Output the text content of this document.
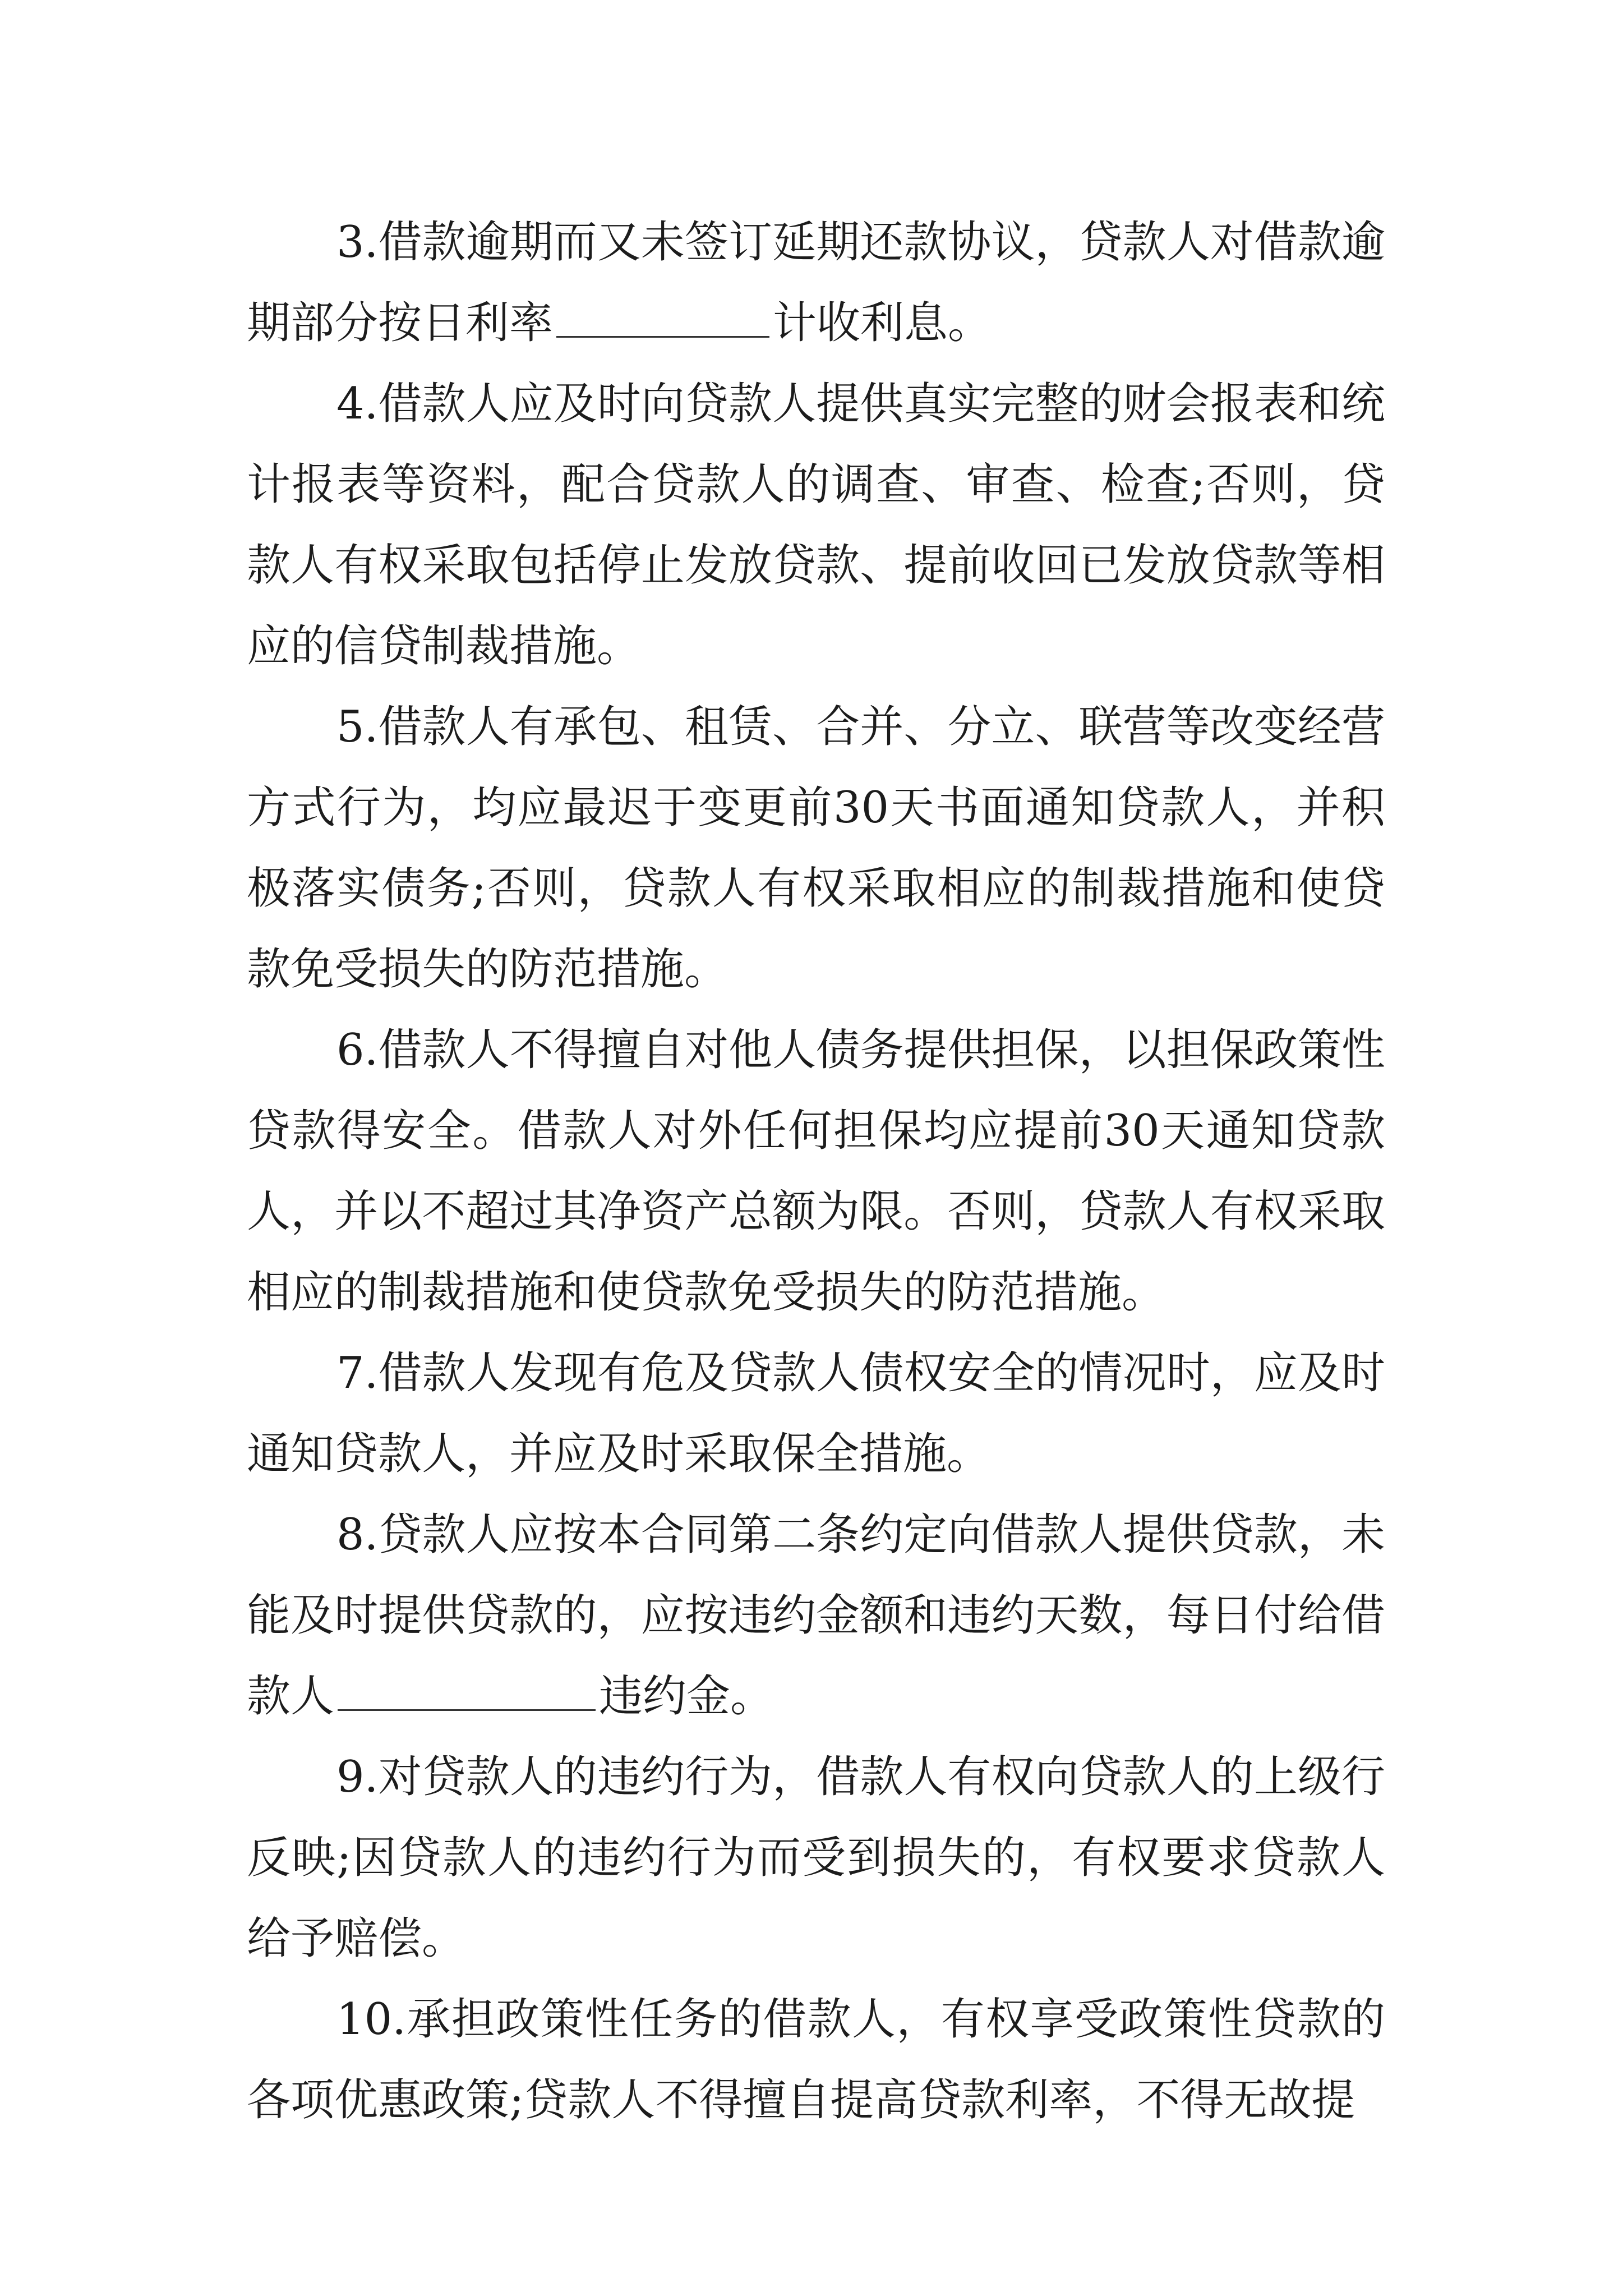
3.借款逾期而又未签订延期还款协议，贷款人对借款逾期部分按日利率	计收利息。

4.借款人应及时向贷款人提供真实完整的财会报表和统计报表等资料，配合贷款人的调查、审查、检查;否则，贷款人有权采取包括停止发放贷款、提前收回已发放贷款等相应的信贷制裁措施。

5.借款人有承包、租赁、合并、分立、联营等改变经营方式行为，均应最迟于变更前30天书面通知贷款人，并积极落实债务;否则，贷款人有权采取相应的制裁措施和使贷款免受损失的防范措施。

6.借款人不得擅自对他人债务提供担保，以担保政策性贷款得安全。借款人对外任何担保均应提前30天通知贷款人，并以不超过其净资产总额为限。否则，贷款人有权采取相应的制裁措施和使贷款免受损失的防范措施。

7.借款人发现有危及贷款人债权安全的情况时，应及时通知贷款人，并应及时采取保全措施。

8.贷款人应按本合同第二条约定向借款人提供贷款，未能及时提供贷款的，应按违约金额和违约天数，每日付给借款人	违约金。

9.对贷款人的违约行为，借款人有权向贷款人的上级行反映;因贷款人的违约行为而受到损失的，有权要求贷款人给予赔偿。

10.承担政策性任务的借款人，有权享受政策性贷款的各项优惠政策;贷款人不得擅自提高贷款利率，不得无故提
